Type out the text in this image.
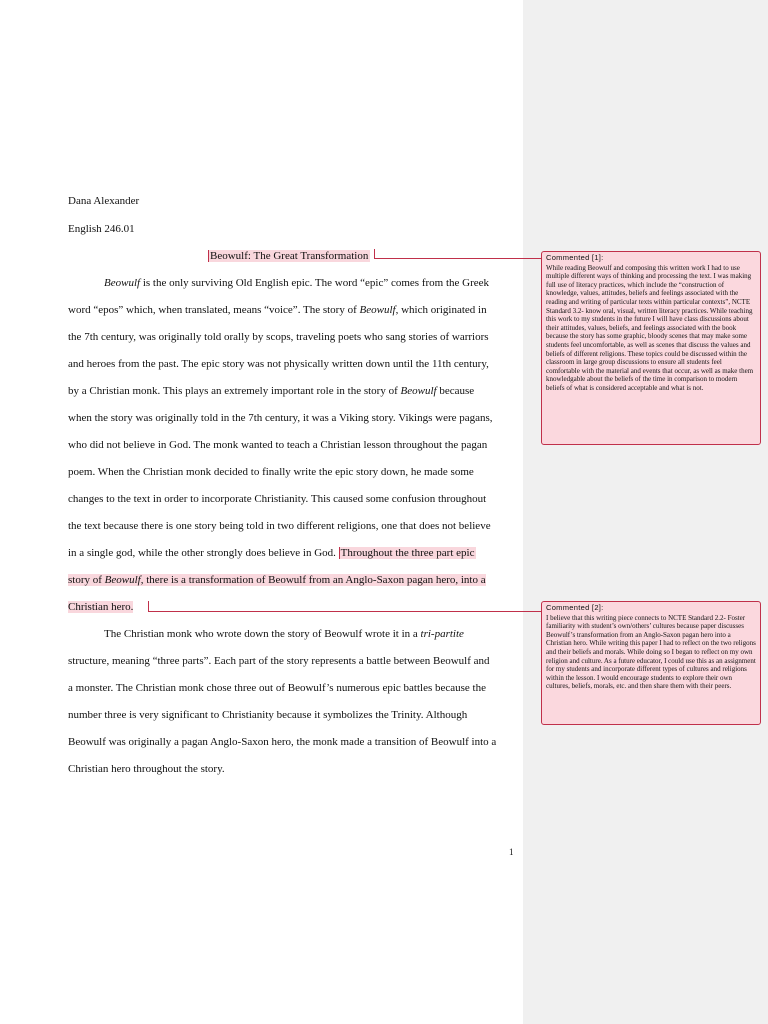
Dana Alexander
English 246.01
Beowulf: The Great Transformation
Beowulf is the only surviving Old English epic. The word “epic” comes from the Greek
word “epos” which, when translated, means “voice”. The story of Beowulf, which originated in
the 7th century, was originally told orally by scops, traveling poets who sang stories of warriors
and heroes from the past. The epic story was not physically written down until the 11th century,
by a Christian monk. This plays an extremely important role in the story of Beowulf because
when the story was originally told in the 7th century, it was a Viking story. Vikings were pagans,
who did not believe in God. The monk wanted to teach a Christian lesson throughout the pagan
poem. When the Christian monk decided to finally write the epic story down, he made some
changes to the text in order to incorporate Christianity. This caused some confusion throughout
the text because there is one story being told in two different religions, one that does not believe
in a single god, while the other strongly does believe in God. Throughout the three part epic
story of Beowulf, there is a transformation of Beowulf from an Anglo-Saxon pagan hero, into a
Christian hero.
The Christian monk who wrote down the story of Beowulf wrote it in a tri-partite
structure, meaning “three parts”. Each part of the story represents a battle between Beowulf and
a monster. The Christian monk chose three out of Beowulf’s numerous epic battles because the
number three is very significant to Christianity because it symbolizes the Trinity. Although
Beowulf was originally a pagan Anglo-Saxon hero, the monk made a transition of Beowulf into a
Christian hero throughout the story.
1
Commented [1]:
While reading Beowulf and composing this written work I had to use multiple different ways of thinking and processing the text. I was making full use of literacy practices, which include the “construction of knowledge, values, attitudes, beliefs and feelings associated with the reading and writing of particular texts within particular contexts”, NCTE Standard 3.2- know oral, visual, written literacy practices. While teaching this work to my students in the future I will have class discussions about their attitudes, values, beliefs, and feelings associated with the book because the story has some graphic, bloody scenes that may make some students feel uncomfortable, as well as scenes that discuss the values and beliefs of different religions. These topics could be discussed within the classroom in large group discussions to ensure all students feel comfortable with the material and events that occur, as well as make them knowledgable about the beliefs of the time in comparison to modern beliefs of what is considered acceptable and what is not.
Commented [2]:
I believe that this writing piece connects to NCTE Standard 2.2- Foster familiarity with student’s own/others’ cultures because paper discusses Beowulf’s transformation from an Anglo-Saxon pagan hero into a Christian hero. While writing this paper I had to reflect on the two religons and their beliefs and morals. While doing so I began to reflect on my own religion and culture. As a future educator, I could use this as an assignment for my students and incorporate different types of cultures and religions within the lesson. I would encourage students to explore their own cultures, beliefs, morals, etc. and then share them with their peers.
